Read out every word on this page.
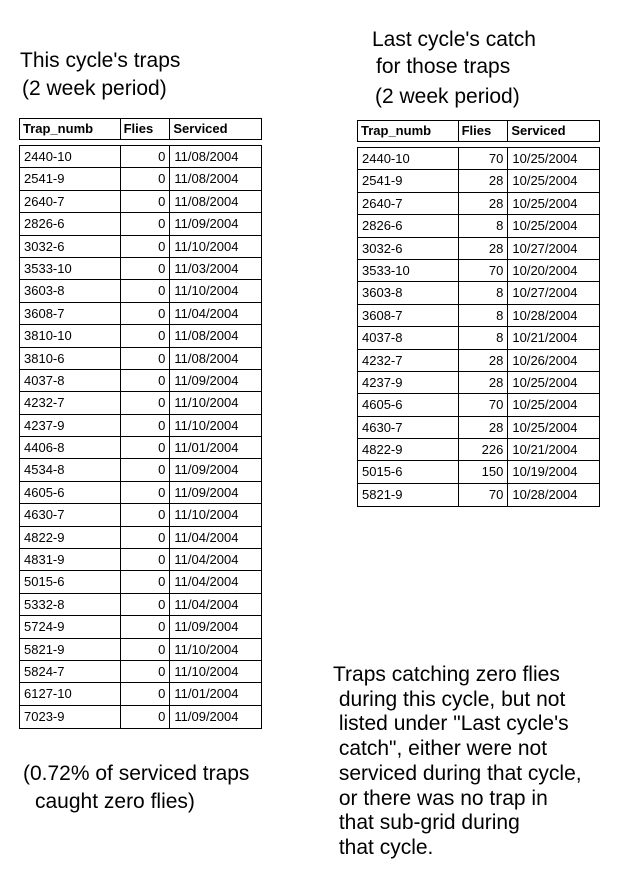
This cycle's traps
(2 week period)
Last cycle's catch
for those traps
(2 week period)
Trap_numb	Flies	Serviced
2440-10	0 11/08/2004
2541-9	0 11/08/2004
2640-7	0 11/08/2004
2826-6	0 11/09/2004
3032-6	0 11/10/2004
3533-10	0 11/03/2004
3603-8	0 11/10/2004
3608-7	0 11/04/2004
3810-10	0 11/08/2004
3810-6	0 11/08/2004
4037-8	0 11/09/2004
4232-7	0 11/10/2004
4237-9	0 11/10/2004
4406-8	0 11/01/2004
4534-8	0 11/09/2004
4605-6	0 11/09/2004
4630-7	0 11/10/2004
4822-9	0 11/04/2004
4831-9	0 11/04/2004
5015-6	0 11/04/2004
5332-8	0 11/04/2004
5724-9	0 11/09/2004
5821-9	0 11/10/2004
5824-7	0 11/10/2004
6127-10	0 11/01/2004
7023-9	0 11/09/2004
Trap_numb	Flies	Serviced
2440-10	70 10/25/2004
2541-9	28 10/25/2004
2640-7	28 10/25/2004
2826-6	8 10/25/2004
3032-6	28 10/27/2004
3533-10	70 10/20/2004
3603-8	8 10/27/2004
3608-7	8 10/28/2004
4037-8	8 10/21/2004
4232-7	28 10/26/2004
4237-9	28 10/25/2004
4605-6	70 10/25/2004
4630-7	28 10/25/2004
4822-9	226 10/21/2004
5015-6	150 10/19/2004
5821-9	70 10/28/2004
(0.72% of serviced traps
caught zero flies)
Traps catching zero flies
during this cycle, but not
listed under "Last cycle's
catch", either were not
serviced during that cycle,
or there was no trap in
that sub-grid during
that cycle.
